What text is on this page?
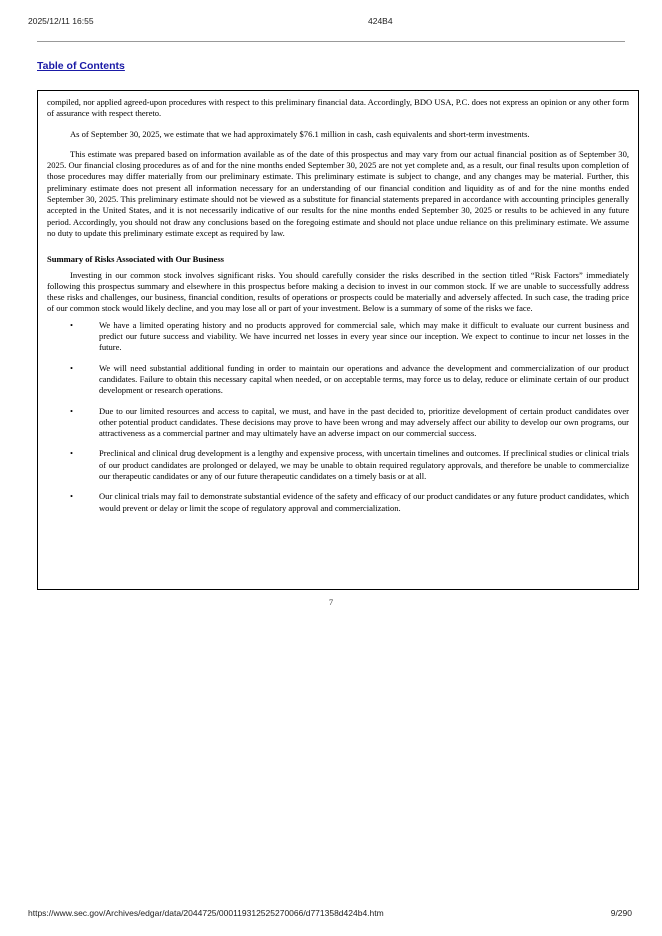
2025/12/11 16:55	424B4
Table of Contents

compiled, nor applied agreed-upon procedures with respect to this preliminary financial data. Accordingly, BDO USA, P.C. does not express an opinion or any other form of assurance with respect thereto.

As of September 30, 2025, we estimate that we had approximately $76.1 million in cash, cash equivalents and short-term investments.

This estimate was prepared based on information available as of the date of this prospectus and may vary from our actual financial position as of September 30, 2025. Our financial closing procedures as of and for the nine months ended September 30, 2025 are not yet complete and, as a result, our final results upon completion of those procedures may differ materially from our preliminary estimate. This preliminary estimate is subject to change, and any changes may be material. Further, this preliminary estimate does not present all information necessary for an understanding of our financial condition and liquidity as of and for the nine months ended September 30, 2025. This preliminary estimate should not be viewed as a substitute for financial statements prepared in accordance with accounting principles generally accepted in the United States, and it is not necessarily indicative of our results for the nine months ended September 30, 2025 or results to be achieved in any future period. Accordingly, you should not draw any conclusions based on the foregoing estimate and should not place undue reliance on this preliminary estimate. We assume no duty to update this preliminary estimate except as required by law.

Summary of Risks Associated with Our Business

Investing in our common stock involves significant risks. You should carefully consider the risks described in the section titled “Risk Factors” immediately following this prospectus summary and elsewhere in this prospectus before making a decision to invest in our common stock. If we are unable to successfully address these risks and challenges, our business, financial condition, results of operations or prospects could be materially and adversely affected. In such case, the trading price of our common stock would likely decline, and you may lose all or part of your investment. Below is a summary of some of the risks we face.

•	We have a limited operating history and no products approved for commercial sale, which may make it difficult to evaluate our current business and predict our future success and viability. We have incurred net losses in every year since our inception. We expect to continue to incur net losses in the future.
•	We will need substantial additional funding in order to maintain our operations and advance the development and commercialization of our product candidates. Failure to obtain this necessary capital when needed, or on acceptable terms, may force us to delay, reduce or eliminate certain of our product development or research operations.
•	Due to our limited resources and access to capital, we must, and have in the past decided to, prioritize development of certain product candidates over other potential product candidates. These decisions may prove to have been wrong and may adversely affect our ability to develop our own programs, our attractiveness as a commercial partner and may ultimately have an adverse impact on our commercial success.
•	Preclinical and clinical drug development is a lengthy and expensive process, with uncertain timelines and outcomes. If preclinical studies or clinical trials of our product candidates are prolonged or delayed, we may be unable to obtain required regulatory approvals, and therefore be unable to commercialize our therapeutic candidates or any of our future therapeutic candidates on a timely basis or at all.
•	Our clinical trials may fail to demonstrate substantial evidence of the safety and efficacy of our product candidates or any future product candidates, which would prevent or delay or limit the scope of regulatory approval and commercialization.
7
https://www.sec.gov/Archives/edgar/data/2044725/000119312525270066/d771358d424b4.htm	9/290
